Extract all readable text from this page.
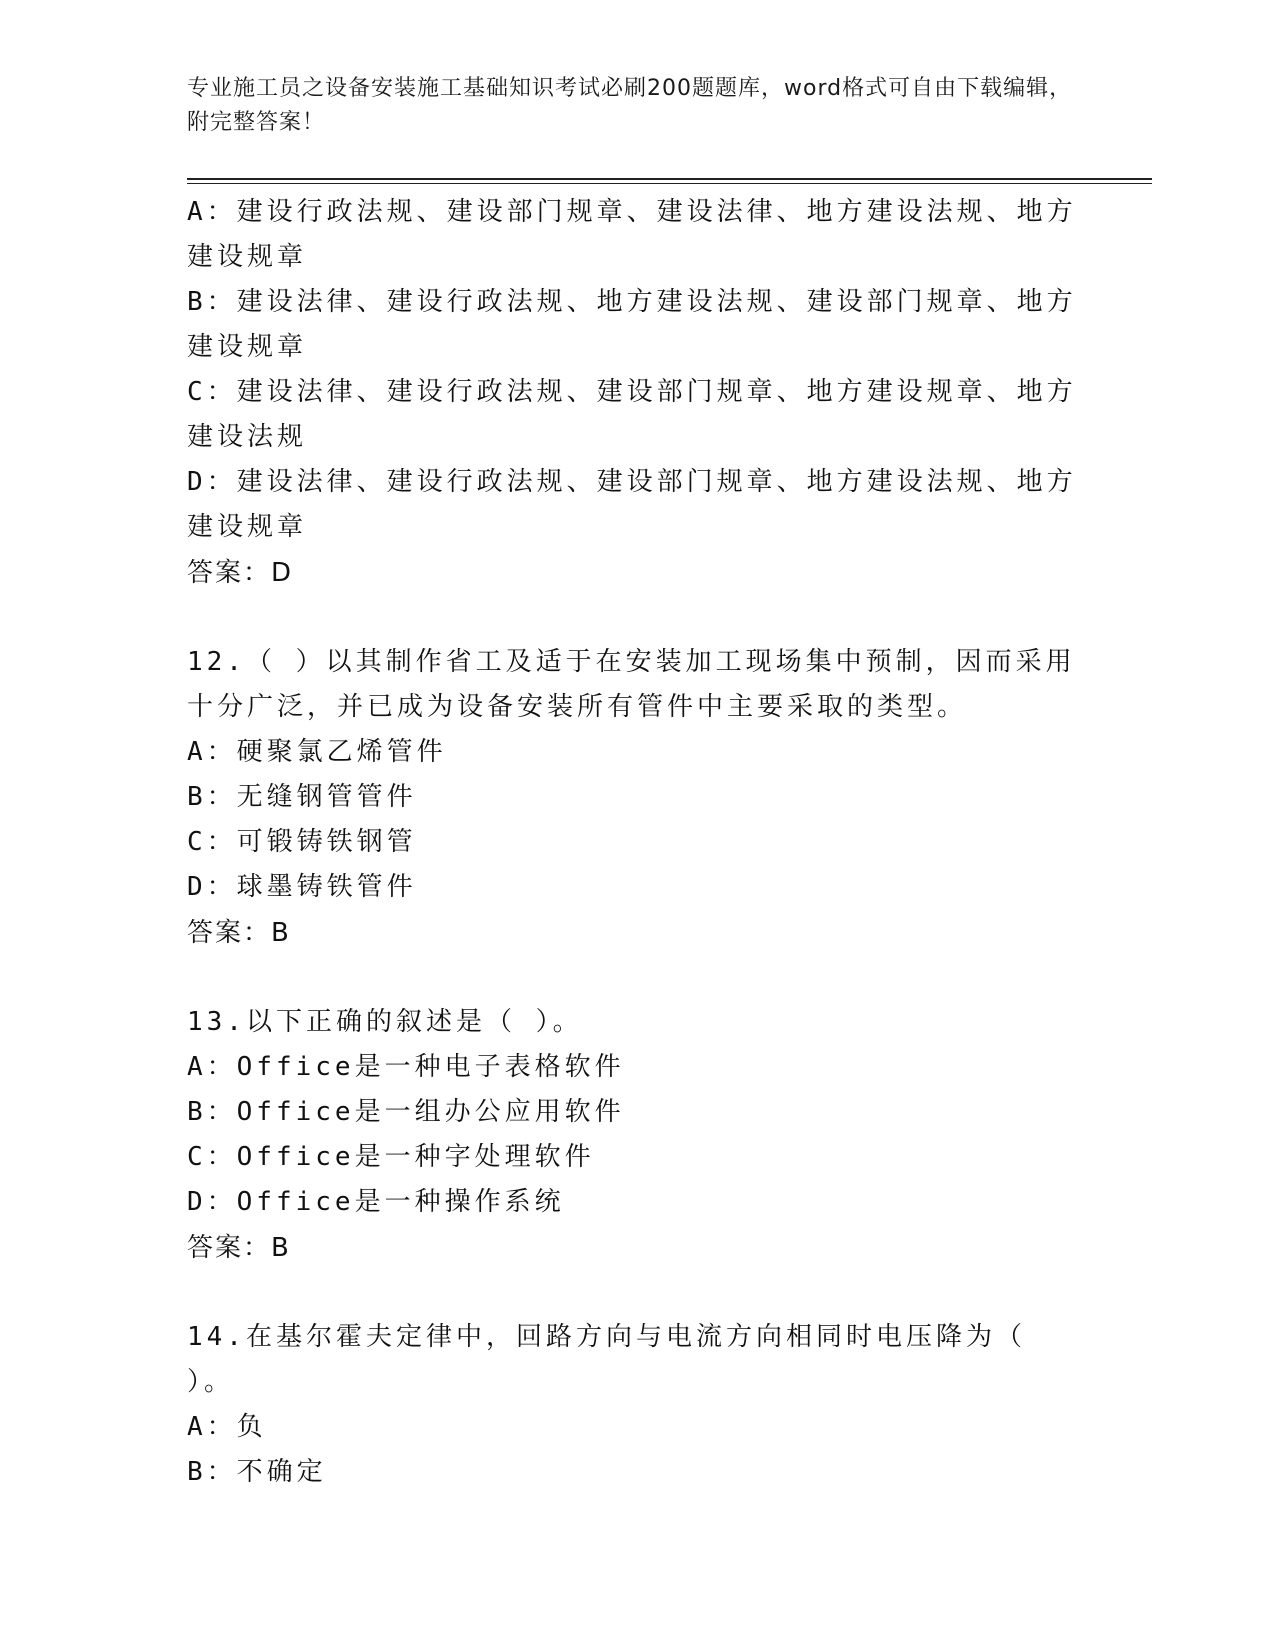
专业施工员之设备安装施工基础知识考试必刷200题题库，word格式可自由下载编辑，附完整答案！
A：建设行政法规、建设部门规章、建设法律、地方建设法规、地方建设规章
B：建设法律、建设行政法规、地方建设法规、建设部门规章、地方建设规章
C：建设法律、建设行政法规、建设部门规章、地方建设规章、地方建设法规
D：建设法律、建设行政法规、建设部门规章、地方建设法规、地方建设规章
答案：D
12.（ ）以其制作省工及适于在安装加工现场集中预制，因而采用十分广泛，并已成为设备安装所有管件中主要采取的类型。
A：硬聚氯乙烯管件
B：无缝钢管管件
C：可锻铸铁钢管
D：球墨铸铁管件
答案：B
13.以下正确的叙述是（ ）。
A：Office是一种电子表格软件
B：Office是一组办公应用软件
C：Office是一种字处理软件
D：Office是一种操作系统
答案：B
14.在基尔霍夫定律中，回路方向与电流方向相同时电压降为（ ）。
A：负
B：不确定
